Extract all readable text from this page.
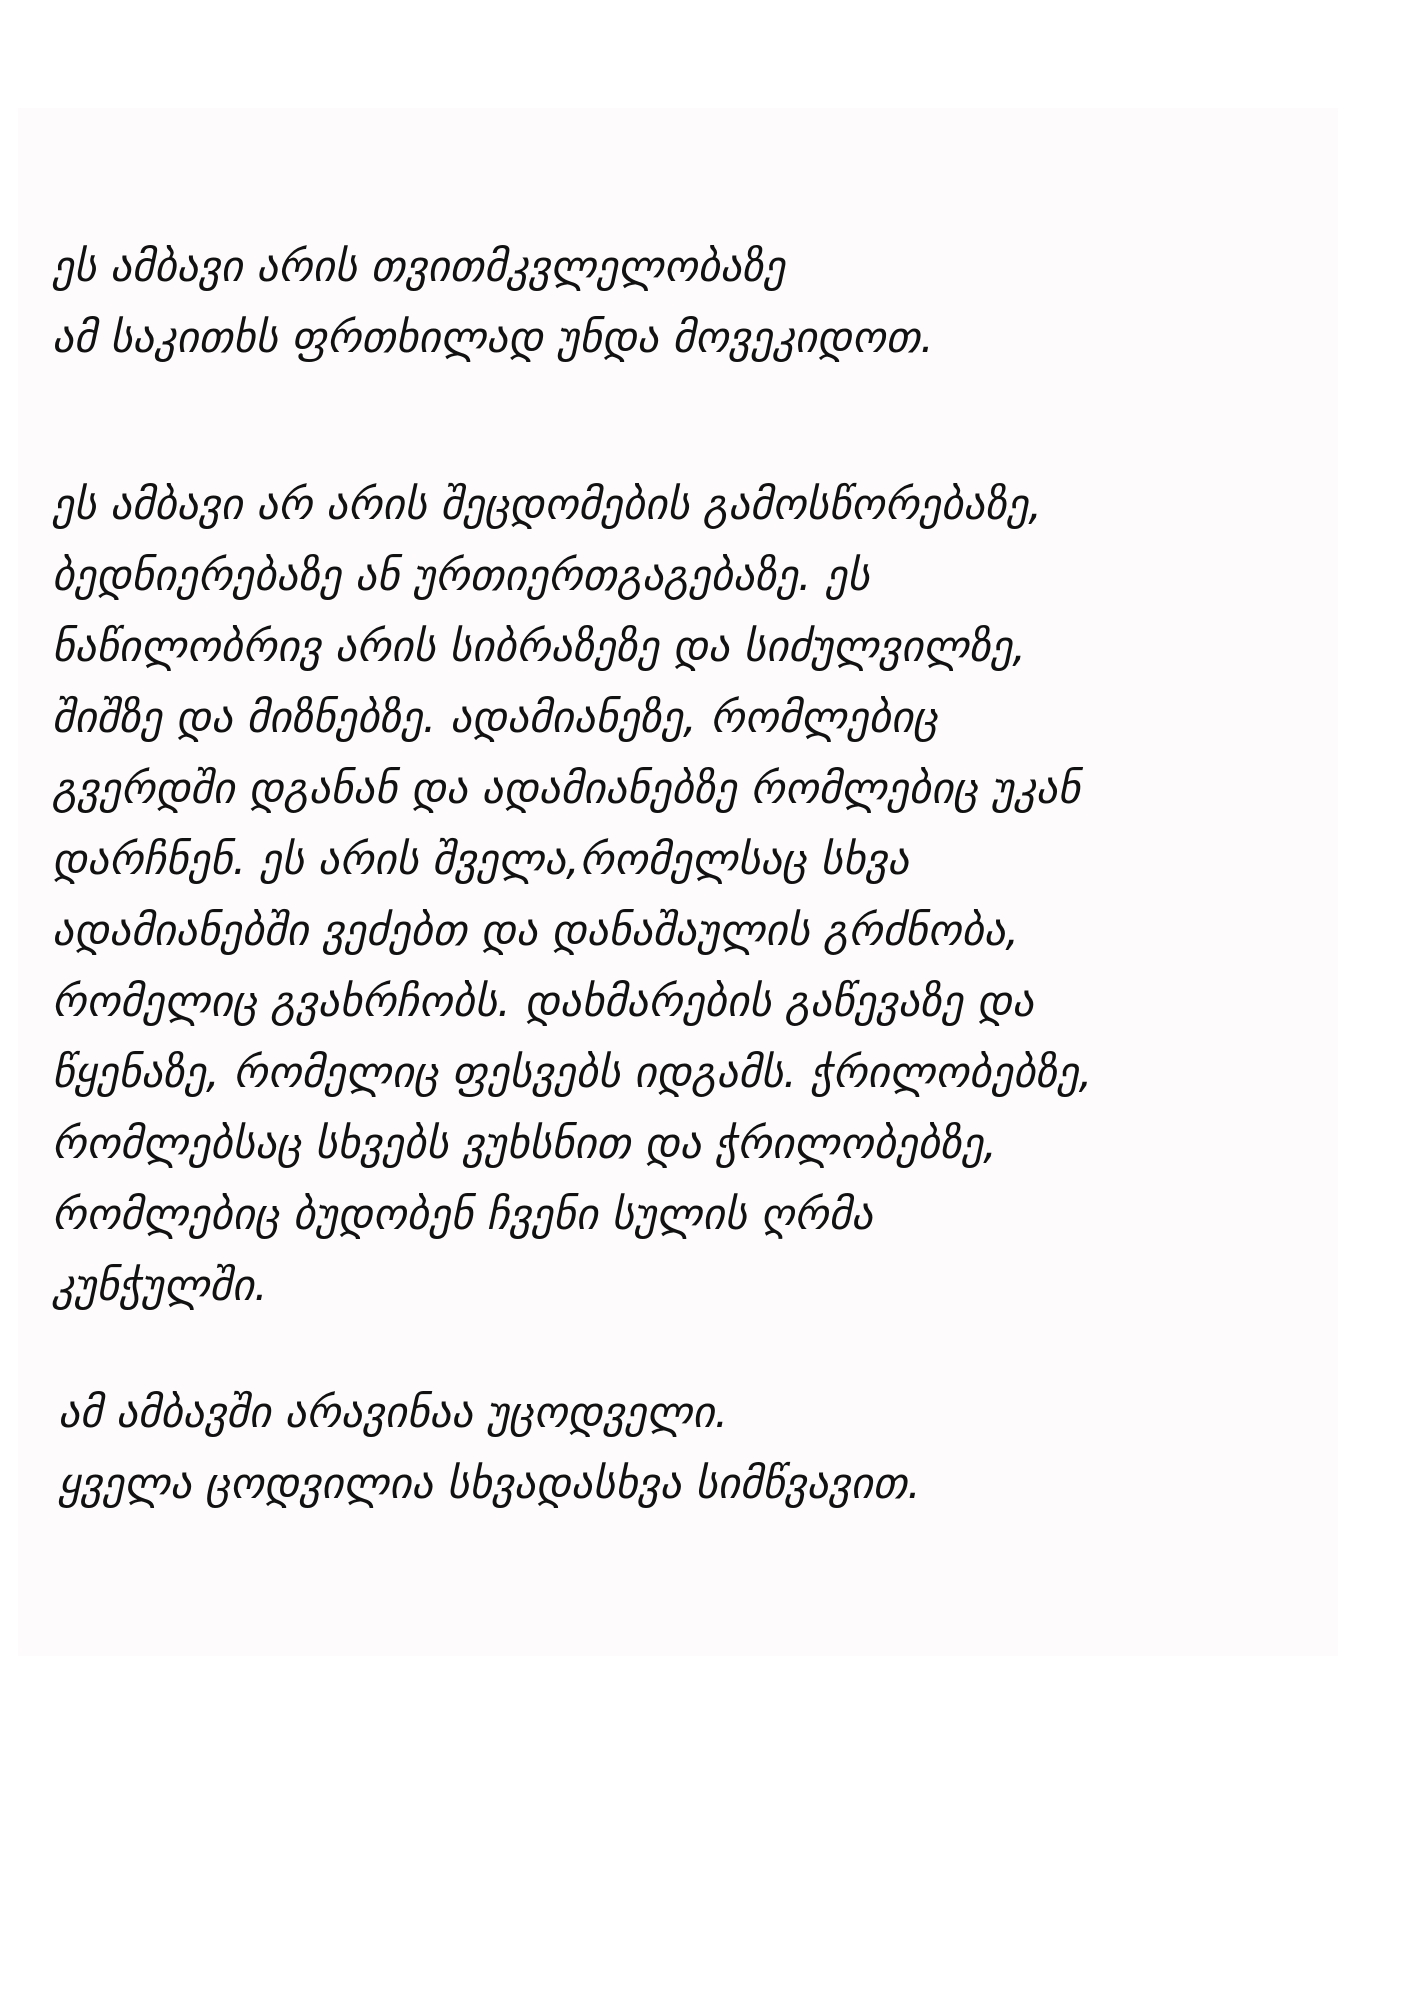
ეს ამბავი არის თვითმკვლელობაზე
ამ საკითხს ფრთხილად უნდა მოვეკიდოთ.
ეს ამბავი არ არის შეცდომების გამოსწორებაზე,
ბედნიერებაზე ან ურთიერთგაგებაზე. ეს
ნაწილობრივ არის სიბრაზეზე და სიძულვილზე,
შიშზე და მიზნებზე. ადამიანეზე, რომლებიც
გვერდში დგანან და ადამიანებზე რომლებიც უკან
დარჩნენ. ეს არის შველა,რომელსაც სხვა
ადამიანებში ვეძებთ და დანაშაულის გრძნობა,
რომელიც გვახრჩობს. დახმარების გაწევაზე და
წყენაზე, რომელიც ფესვებს იდგამს. ჭრილობებზე,
რომლებსაც სხვებს ვუხსნით და ჭრილობებზე,
რომლებიც ბუდობენ ჩვენი სულის ღრმა
კუნჭულში.
ამ ამბავში არავინაა უცოდველი.
ყველა ცოდვილია სხვადასხვა სიმწვავით.
